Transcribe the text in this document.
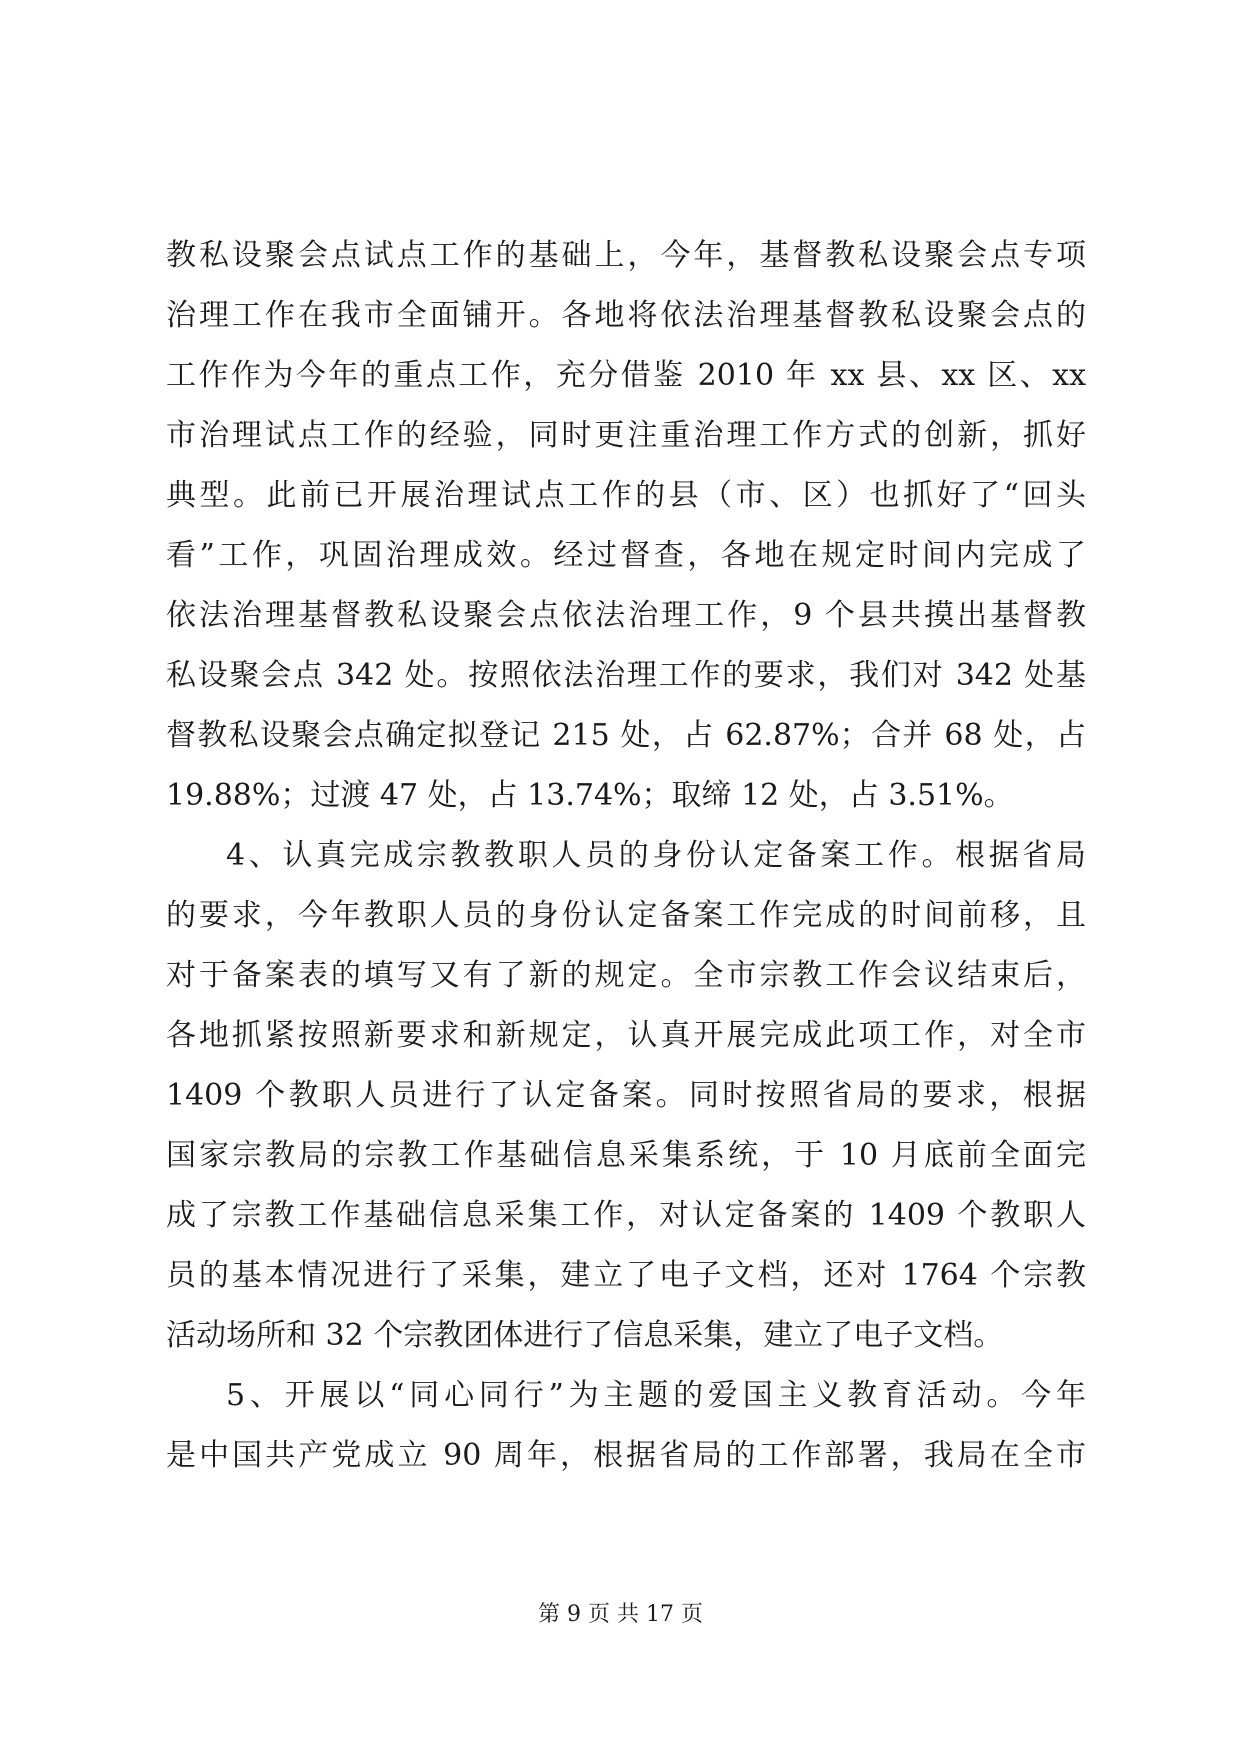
教私设聚会点试点工作的基础上，今年，基督教私设聚会点专项
治理工作在我市全面铺开。各地将依法治理基督教私设聚会点的
工作作为今年的重点工作，充分借鉴 2010 年 xx 县、xx 区、xx
市治理试点工作的经验，同时更注重治理工作方式的创新，抓好
典型。此前已开展治理试点工作的县（市、区）也抓好了“回头
看”工作，巩固治理成效。经过督查，各地在规定时间内完成了
依法治理基督教私设聚会点依法治理工作，9 个县共摸出基督教
私设聚会点 342 处。按照依法治理工作的要求，我们对 342 处基
督教私设聚会点确定拟登记 215 处，占 62.87%；合并 68 处，占
19.88%；过渡 47 处，占 13.74%；取缔 12 处，占 3.51%。
4、认真完成宗教教职人员的身份认定备案工作。根据省局
的要求，今年教职人员的身份认定备案工作完成的时间前移，且
对于备案表的填写又有了新的规定。全市宗教工作会议结束后，
各地抓紧按照新要求和新规定，认真开展完成此项工作，对全市
1409 个教职人员进行了认定备案。同时按照省局的要求，根据
国家宗教局的宗教工作基础信息采集系统，于 10 月底前全面完
成了宗教工作基础信息采集工作，对认定备案的 1409 个教职人
员的基本情况进行了采集，建立了电子文档，还对 1764 个宗教
活动场所和 32 个宗教团体进行了信息采集，建立了电子文档。
5、开展以“同心同行”为主题的爱国主义教育活动。今年
是中国共产党成立 90 周年，根据省局的工作部署，我局在全市
第 9 页 共 17 页
